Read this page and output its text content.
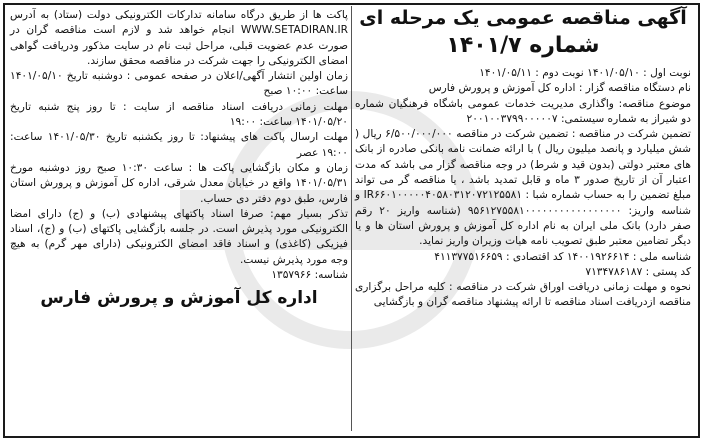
آگهی مناقصه عمومی یک مرحله ای
شماره ۱۴۰۱/۷
نوبت اول : ۱۴۰۱/۰۵/۱۰ نوبت دوم : ۱۴۰۱/۰۵/۱۱
نام دستگاه مناقصه گزار : اداره کل آموزش و پرورش فارس
موضوع مناقصه: واگذاری مدیریت خدمات عمومی باشگاه فرهنگیان شماره دو شیراز به شماره سیستمی: ۲۰۰۱۰۰۳۷۹۹۰۰۰۰۰۷
تضمین شرکت در مناقصه : تضمین شرکت در مناقصه ۶/۵۰۰/۰۰۰/۰۰۰ ریال ( شش میلیارد و پانصد میلیون ریال ) با ارائه ضمانت نامه بانکی صادره از بانک های معتبر دولتی (بدون قید و شرط) در وجه مناقصه گزار می باشد که مدت اعتبار آن از تاریخ صدور ۳ ماه و قابل تمدید باشد ، یا مناقصه گر می تواند مبلغ تضمین را به حساب شماره شبا : IR۶۶۰۱۰۰۰۰۰۴۰۵۸۰۳۱۲۰۷۲۱۲۵۵۸۱ و شناسه واریز: ۹۵۶۱۲۷۵۵۸۱۰۰۰۰۰۰۰۰۰۰۰۰۰۰۰۰۰ (شناسه واریز ۲۰ رقم صفر دارد) بانک ملی ایران به نام اداره کل آموزش و پرورش استان ها و یا دیگر تضامین معتبر طبق تصویب نامه هیات وزیران واریز نماید.
شناسه ملی : ۱۴۰۰۱۹۲۶۶۱۴ کد اقتصادی : ۴۱۱۳۷۷۵۱۶۶۵۹
کد پستی : ۷۱۳۴۷۸۶۱۸۷
نحوه و مهلت زمانی دریافت اوراق شرکت در مناقصه : کلیه مراحل برگزاری مناقصه ازدریافت اسناد مناقصه تا ارائه پیشنهاد مناقصه گران و بازگشایی
پاکت ها از طریق درگاه سامانه تدارکات الکترونیکی دولت (ستاد) به آدرس WWW.SETADIRAN.IR انجام خواهد شد و لازم است مناقصه گران در صورت عدم عضویت قبلی، مراحل ثبت نام در سایت مذکور ودریافت گواهی امضای الکترونیکی را جهت شرکت در مناقصه محقق سازند.
زمان اولین انتشار آگهی/اعلان در صفحه عمومی : دوشنبه تاریخ ۱۴۰۱/۰۵/۱۰ ساعت: ۱۰:۰۰ صبح
مهلت زمانی دریافت اسناد مناقصه از سایت : تا روز پنج شنبه تاریخ ۱۴۰۱/۰۵/۲۰ ساعت: ۱۹:۰۰
مهلت ارسال پاکت های پیشنهاد: تا روز یکشنبه تاریخ ۱۴۰۱/۰۵/۳۰ ساعت: ۱۹:۰۰ عصر
زمان و مکان بازگشایی پاکت ها : ساعت ۱۰:۳۰ صبح روز دوشنبه مورخ ۱۴۰۱/۰۵/۳۱ واقع در خیابان معدل شرقی، اداره کل آموزش و پرورش استان فارس، طبق دوم دفتر دی حساب.
تذکر بسیار مهم: صرفا اسناد پاکتهای پیشنهادی (ب) و (ج) دارای امضا الکترونیکی مورد پذیرش است. در جلسه بازگشایی پاکتهای (ب) و (ج)، اسناد فیزیکی (کاغذی) و اسناد فاقد امضای الکترونیکی (دارای مهر گرم) به هیچ وجه مورد پذیرش نیست.
شناسه: ۱۳۵۷۹۶۶
اداره کل آموزش و پرورش فارس
